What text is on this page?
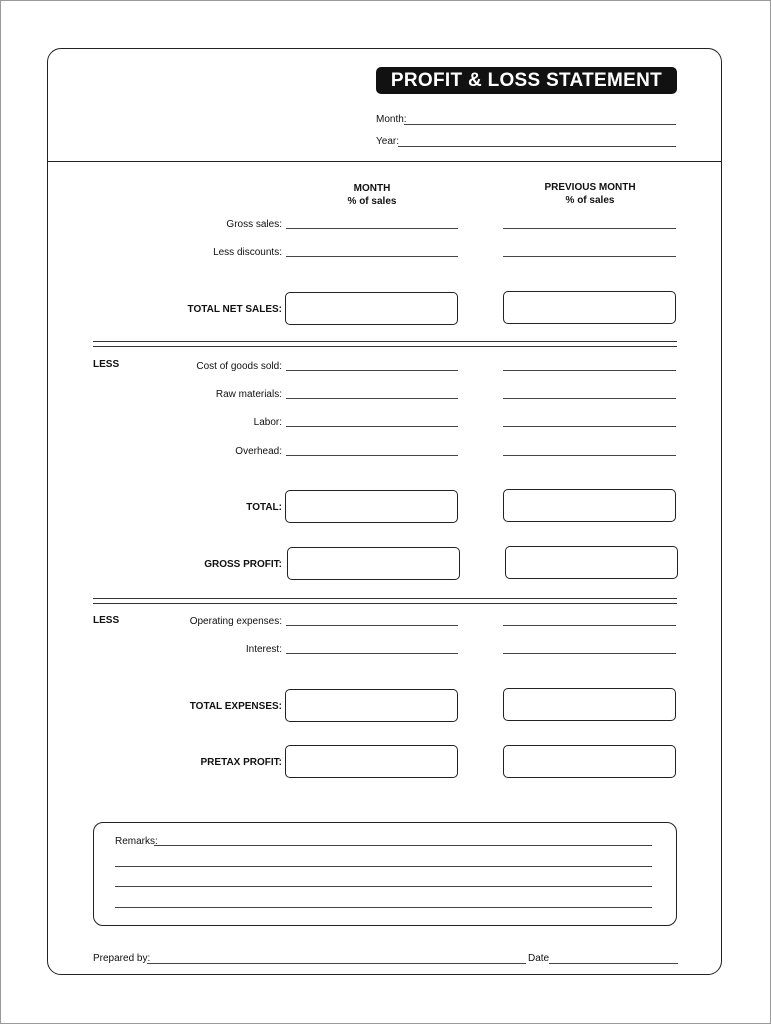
PROFIT & LOSS STATEMENT
Month:
Year:
MONTH
% of sales
PREVIOUS MONTH
% of sales
Gross sales:
Less discounts:
TOTAL NET SALES:
LESS	Cost of goods sold:
Raw materials:
Labor:
Overhead:
TOTAL:
GROSS PROFIT:
LESS	Operating expenses:
Interest:
TOTAL EXPENSES:
PRETAX PROFIT:
Remarks:
Prepared by:	Date
